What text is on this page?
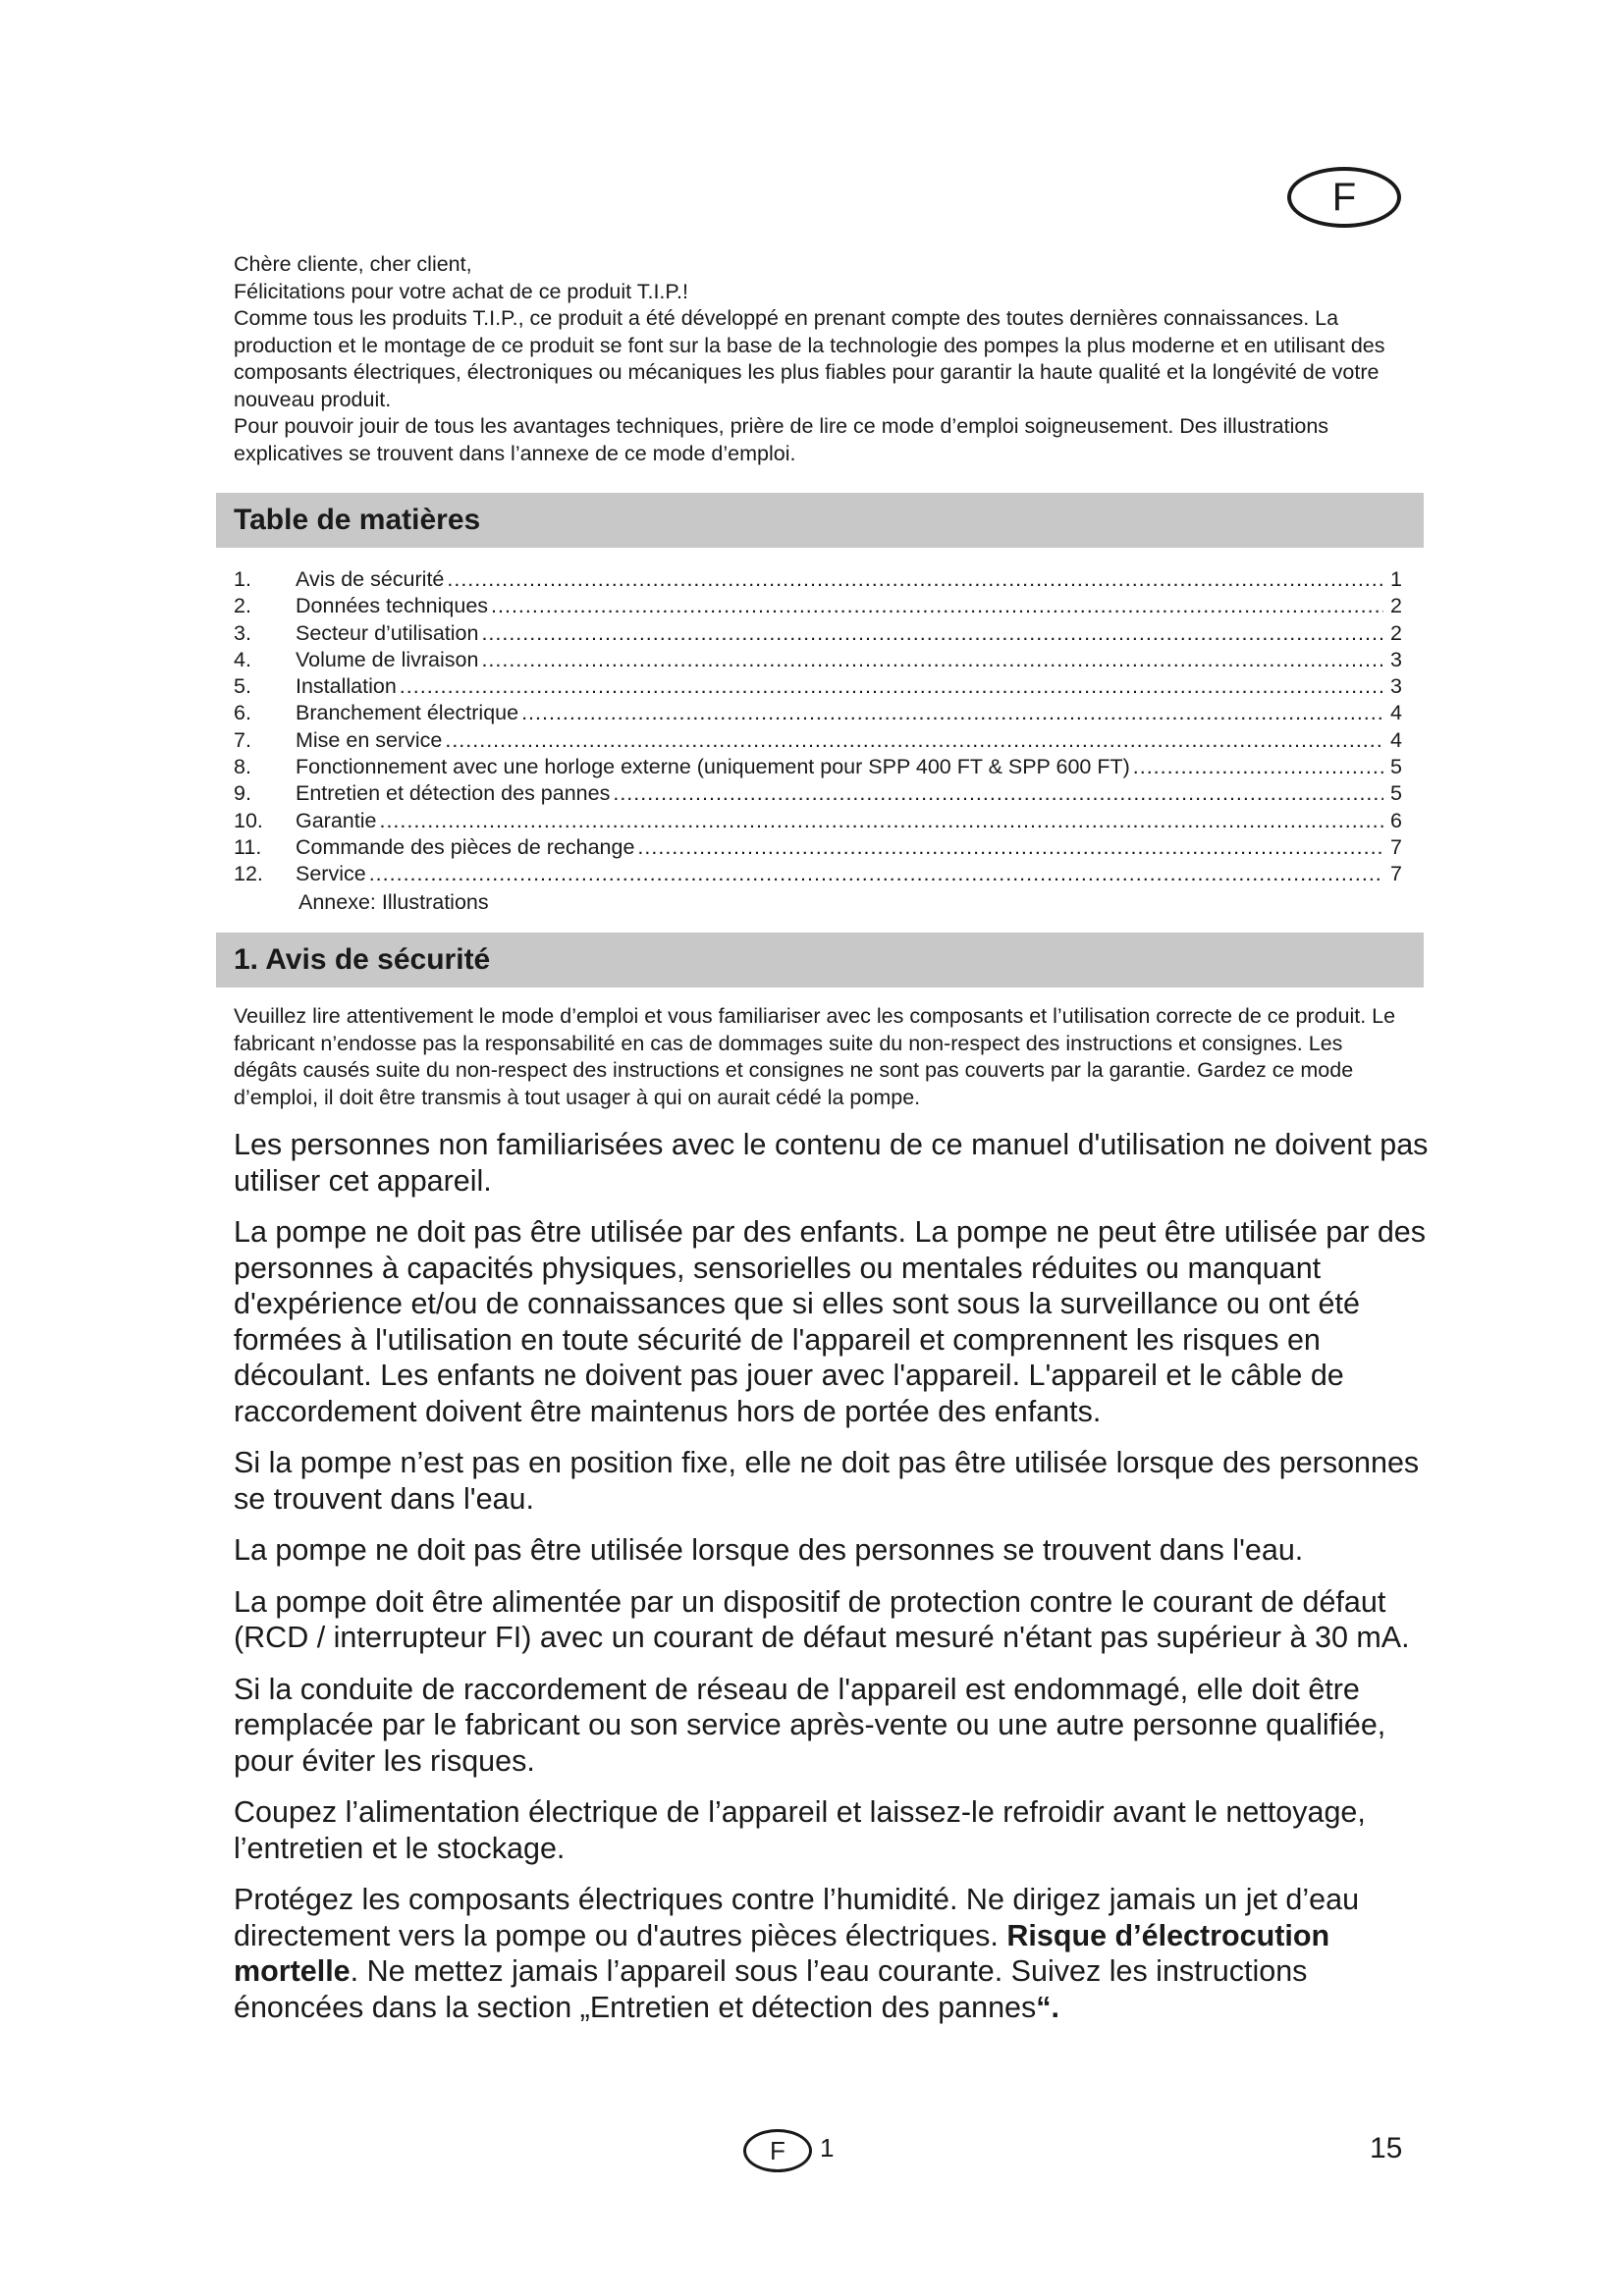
F

Chère cliente, cher client,

Félicitations pour votre achat de ce produit T.I.P.!

Comme tous les produits T.I.P., ce produit a été développé en prenant compte des toutes dernières connaissances. La production et le montage de ce produit se font sur la base de la technologie des pompes la plus moderne et en utilisant des composants électriques, électroniques ou mécaniques les plus fiables pour garantir la haute qualité et la longévité de votre nouveau produit.

Pour pouvoir jouir de tous les avantages techniques, prière de lire ce mode d’emploi soigneusement. Des illustrations explicatives se trouvent dans l’annexe de ce mode d’emploi.

Table de matières
1.	Avis de sécurité .....	1
2.	Données techniques .....	2
3.	Secteur d’utilisation .....	2
4.	Volume de livraison .....	3
5.	Installation .....	3
6.	Branchement électrique .....	4
7.	Mise en service .....	4
8.	Fonctionnement avec une horloge externe (uniquement pour SPP 400 FT & SPP 600 FT) .....	5
9.	Entretien et détection des pannes .....	5
10.	Garantie .....	6
11.	Commande des pièces de rechange .....	7
12.	Service .....	7
Annexe: Illustrations
1. Avis de sécurité

Veuillez lire attentivement le mode d’emploi et vous familiariser avec les composants et l’utilisation correcte de ce produit. Le fabricant n’endosse pas la responsabilité en cas de dommages suite du non-respect des instructions et consignes. Les dégâts causés suite du non-respect des instructions et consignes ne sont pas couverts par la garantie. Gardez ce mode d’emploi, il doit être transmis à tout usager à qui on aurait cédé la pompe.

Les personnes non familiarisées avec le contenu de ce manuel d'utilisation ne doivent pas utiliser cet appareil.

La pompe ne doit pas être utilisée par des enfants. La pompe ne peut être utilisée par des personnes à capacités physiques, sensorielles ou mentales réduites ou manquant d'expérience et/ou de connaissances que si elles sont sous la surveillance ou ont été formées à l'utilisation en toute sécurité de l'appareil et comprennent les risques en découlant. Les enfants ne doivent pas jouer avec l'appareil. L'appareil et le câble de raccordement doivent être maintenus hors de portée des enfants.

Si la pompe n’est pas en position fixe, elle ne doit pas être utilisée lorsque des personnes se trouvent dans l'eau.

La pompe ne doit pas être utilisée lorsque des personnes se trouvent dans l'eau.

La pompe doit être alimentée par un dispositif de protection contre le courant de défaut (RCD / interrupteur FI) avec un courant de défaut mesuré n'étant pas supérieur à 30 mA.

Si la conduite de raccordement de réseau de l'appareil est endommagé, elle doit être remplacée par le fabricant ou son service après-vente ou une autre personne qualifiée, pour éviter les risques.

Coupez l’alimentation électrique de l’appareil et laissez-le refroidir avant le nettoyage, l’entretien et le stockage.

Protégez les composants électriques contre l’humidité. Ne dirigez jamais un jet d’eau directement vers la pompe ou d'autres pièces électriques. Risque d’électrocution mortelle. Ne mettez jamais l’appareil sous l’eau courante. Suivez les instructions énoncées dans la section „Entretien et détection des pannes“.

F 1	15
